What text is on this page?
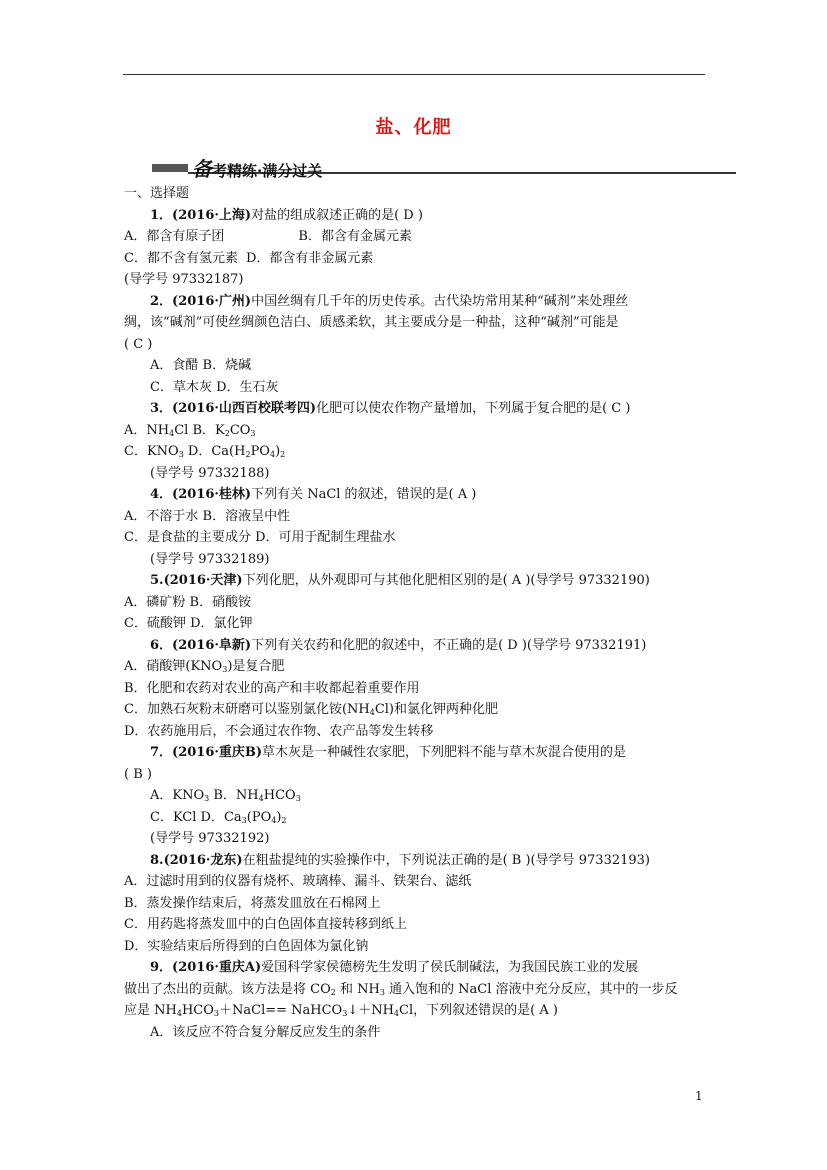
盐、化肥
备考精练·满分过关
一、选择题
1．(2016·上海)对盐的组成叙述正确的是( D )
A．都含有原子团	B．都含有金属元素
C．都不含有氢元素 D．都含有非金属元素
(导学号 97332187)
2．(2016·广州)中国丝绸有几千年的历史传承。古代染坊常用某种“碱剂”来处理丝
绸，该“碱剂”可使丝绸颜色洁白、质感柔软，其主要成分是一种盐，这种“碱剂”可能是
( C )
A．食醋 B．烧碱
C．草木灰 D．生石灰
3．(2016·山西百校联考四)化肥可以使农作物产量增加，下列属于复合肥的是( C )
A．$NH_4Cl$ B．$K_2CO_3$
C．$KNO_3$ D．$Ca(H_2PO_4)_2$
(导学号 97332188)
4．(2016·桂林)下列有关 NaCl 的叙述，错误的是( A )
A．不溶于水 B．溶液呈中性
C．是食盐的主要成分 D．可用于配制生理盐水
(导学号 97332189)
5.(2016·天津)下列化肥，从外观即可与其他化肥相区别的是( A )(导学号 97332190)
A．磷矿粉 B．硝酸铵
C．硫酸钾 D．氯化钾
6．(2016·阜新)下列有关农药和化肥的叙述中，不正确的是( D )(导学号 97332191)
A．硝酸钾$(KNO_3)$是复合肥
B．化肥和农药对农业的高产和丰收都起着重要作用
C．加熟石灰粉末研磨可以鉴别氯化铵$(NH_4Cl)$和氯化钾两种化肥
D．农药施用后，不会通过农作物、农产品等发生转移
7．(2016·重庆B)草木灰是一种碱性农家肥，下列肥料不能与草木灰混合使用的是
( B )
A．$KNO_3$ B．$NH_4HCO_3$
C．KCl D．$Ca_3(PO_4)_2$
(导学号 97332192)
8.(2016·龙东)在粗盐提纯的实验操作中，下列说法正确的是( B )(导学号 97332193)
A．过滤时用到的仪器有烧杯、玻璃棒、漏斗、铁架台、滤纸
B．蒸发操作结束后，将蒸发皿放在石棉网上
C．用药匙将蒸发皿中的白色固体直接转移到纸上
D．实验结束后所得到的白色固体为氯化钠
9．(2016·重庆A)爱国科学家侯德榜先生发明了侯氏制碱法，为我国民族工业的发展
做出了杰出的贡献。该方法是将 $CO_2$ 和 $NH_3$ 通入饱和的 NaCl 溶液中充分反应，其中的一步反
应是 $NH_4HCO_3+NaCl==$ $NaHCO_3↓+NH_4Cl$，下列叙述错误的是( A )
A．该反应不符合复分解反应发生的条件
1
